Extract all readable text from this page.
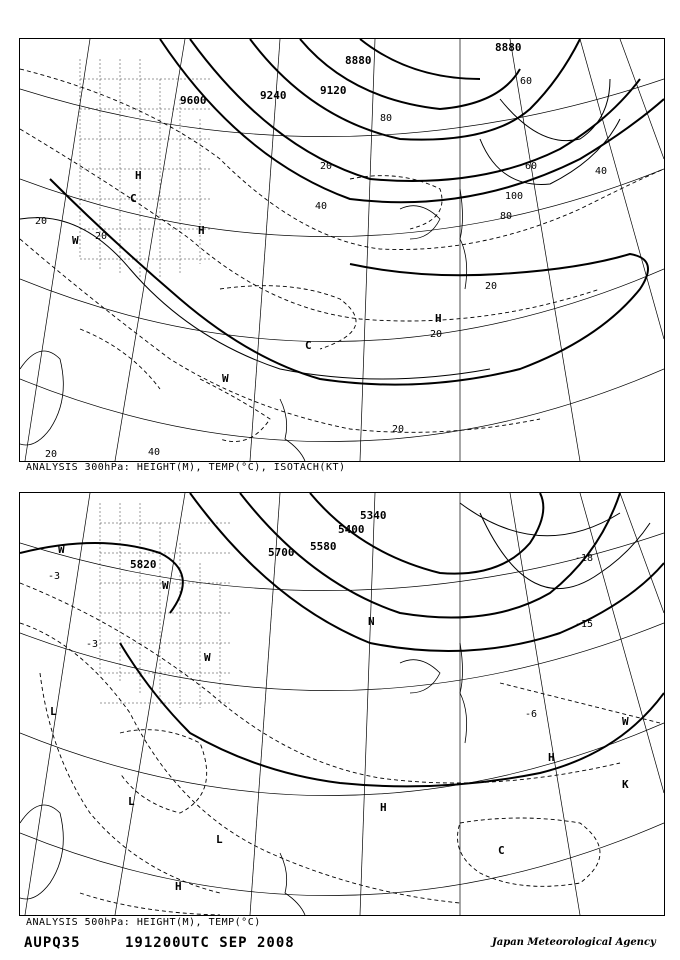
9600	9240	9120
8880
8880
20
20
20
40
40
60
60
80
80
100
20
20
20
40
20
H
H
H
C
C
W
W
ANALYSIS 300hPa: HEIGHT(M), TEMP(°C), ISOTACH(KT)
5820
5700 5580
5400
5340
-3
-3
-18
-15
-6
W
L
L
L
H
W
H
W
C
N
W
K
H
ANALYSIS 500hPa: HEIGHT(M), TEMP(°C)
AUPQ35	191200UTC SEP 2008	Japan Meteorological Agency
